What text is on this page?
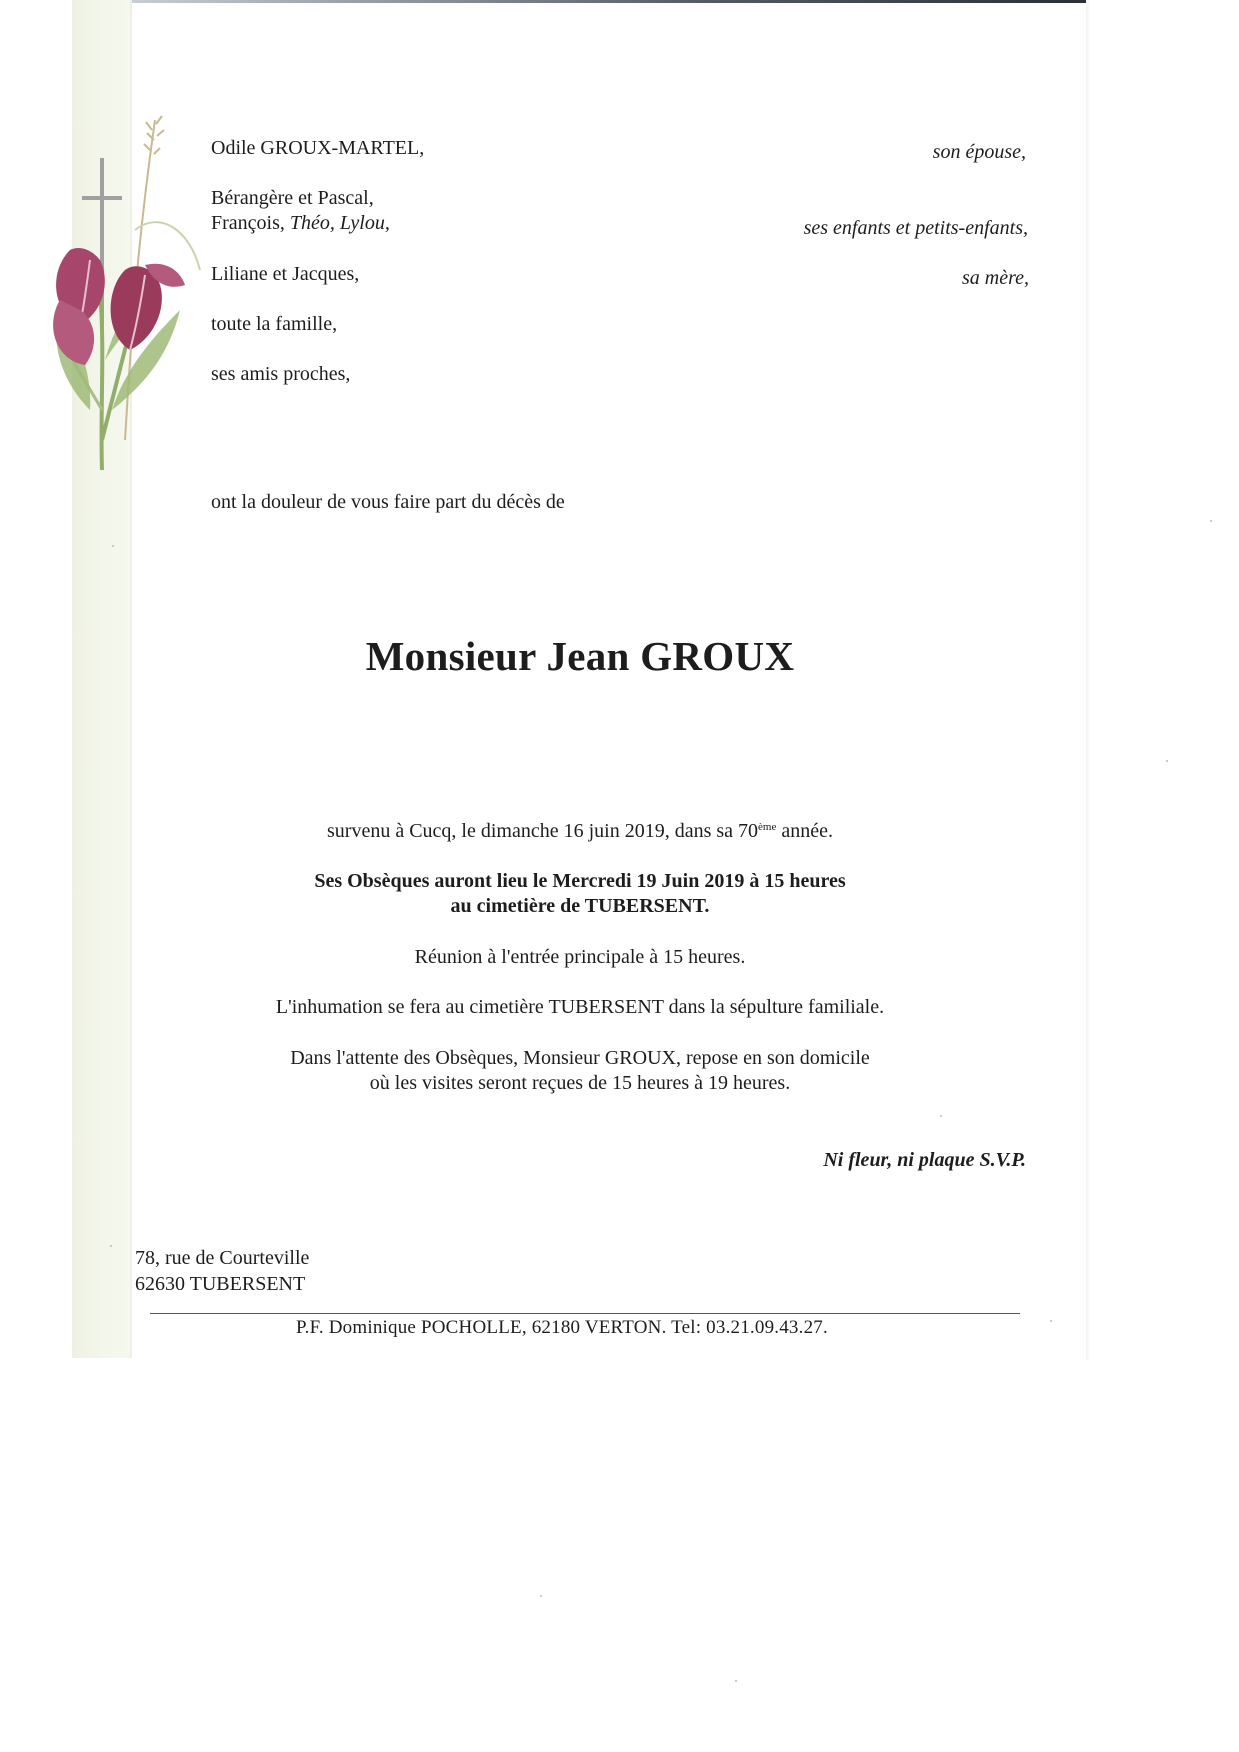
Odile GROUX-MARTEL,	son épouse,
Bérangère et Pascal,
François, Théo, Lylou,	ses enfants et petits-enfants,
Liliane et Jacques,	sa mère,
toute la famille,
ses amis proches,
ont la douleur de vous faire part du décès de
Monsieur Jean GROUX
survenu à Cucq, le dimanche 16 juin 2019, dans sa 70ème année.
Ses Obsèques auront lieu le Mercredi 19 Juin 2019 à 15 heures
au cimetière de TUBERSENT.
Réunion à l'entrée principale à 15 heures.
L'inhumation se fera au cimetière TUBERSENT dans la sépulture familiale.
Dans l'attente des Obsèques, Monsieur GROUX, repose en son domicile
où les visites seront reçues de 15 heures à 19 heures.
Ni fleur, ni plaque S.V.P.
78, rue de Courteville
62630 TUBERSENT
P.F. Dominique POCHOLLE, 62180 VERTON. Tel: 03.21.09.43.27.
